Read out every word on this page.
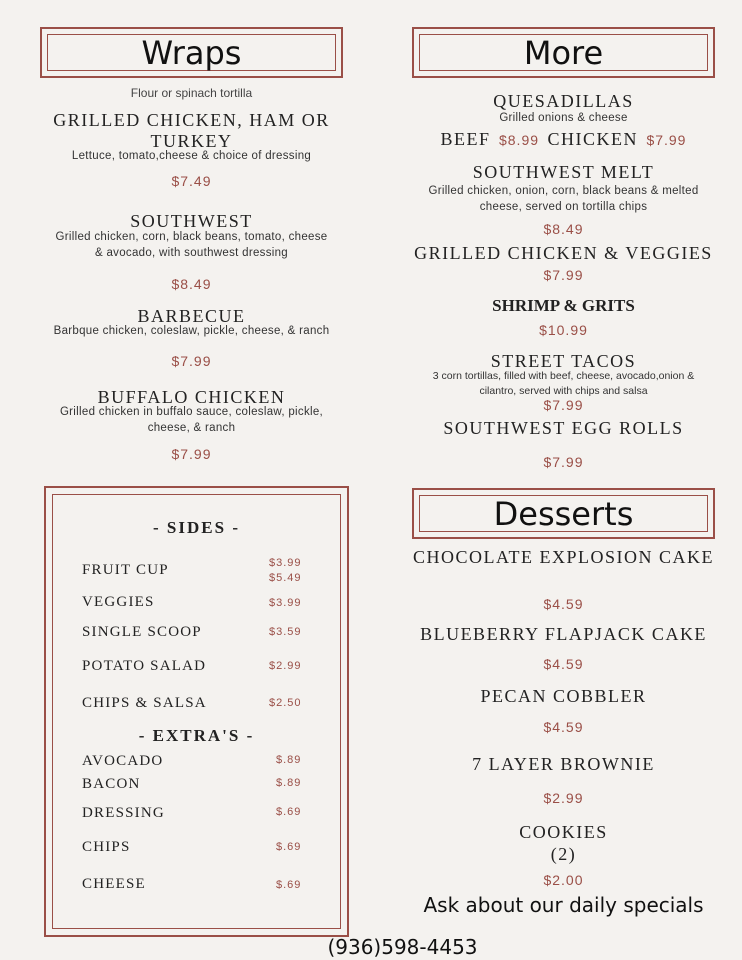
Wraps
Flour or spinach tortilla
GRILLED CHICKEN, HAM OR TURKEY
Lettuce, tomato,cheese & choice of dressing
$7.49
SOUTHWEST
Grilled chicken, corn, black beans, tomato, cheese & avocado, with southwest dressing
$8.49
BARBECUE
Barbque chicken, coleslaw, pickle, cheese, & ranch
$7.99
BUFFALO CHICKEN
Grilled chicken in buffalo sauce, coleslaw, pickle, cheese, & ranch
$7.99
More
QUESADILLAS
Grilled onions & cheese
BEEF $8.99 CHICKEN $7.99
SOUTHWEST MELT
Grilled chicken, onion, corn, black beans & melted cheese, served on tortilla chips
$8.49
GRILLED CHICKEN & VEGGIES
$7.99
SHRIMP & GRITS
$10.99
STREET TACOS
3 corn tortillas, filled with beef, cheese, avocado,onion & cilantro, served with chips and salsa
$7.99
SOUTHWEST EGG ROLLS
$7.99
- SIDES -
FRUIT CUP	$3.99
$5.49
VEGGIES	$3.99
SINGLE SCOOP	$3.59
POTATO SALAD	$2.99
CHIPS & SALSA	$2.50
- EXTRA'S -
AVOCADO	$.89
BACON	$.89
DRESSING	$.69
CHIPS	$.69
CHEESE	$.69
Desserts
CHOCOLATE EXPLOSION CAKE
$4.59
BLUEBERRY FLAPJACK CAKE
$4.59
PECAN COBBLER
$4.59
7 LAYER BROWNIE
$2.99
COOKIES
(2)
$2.00
Ask about our daily specials
(936)598-4453
